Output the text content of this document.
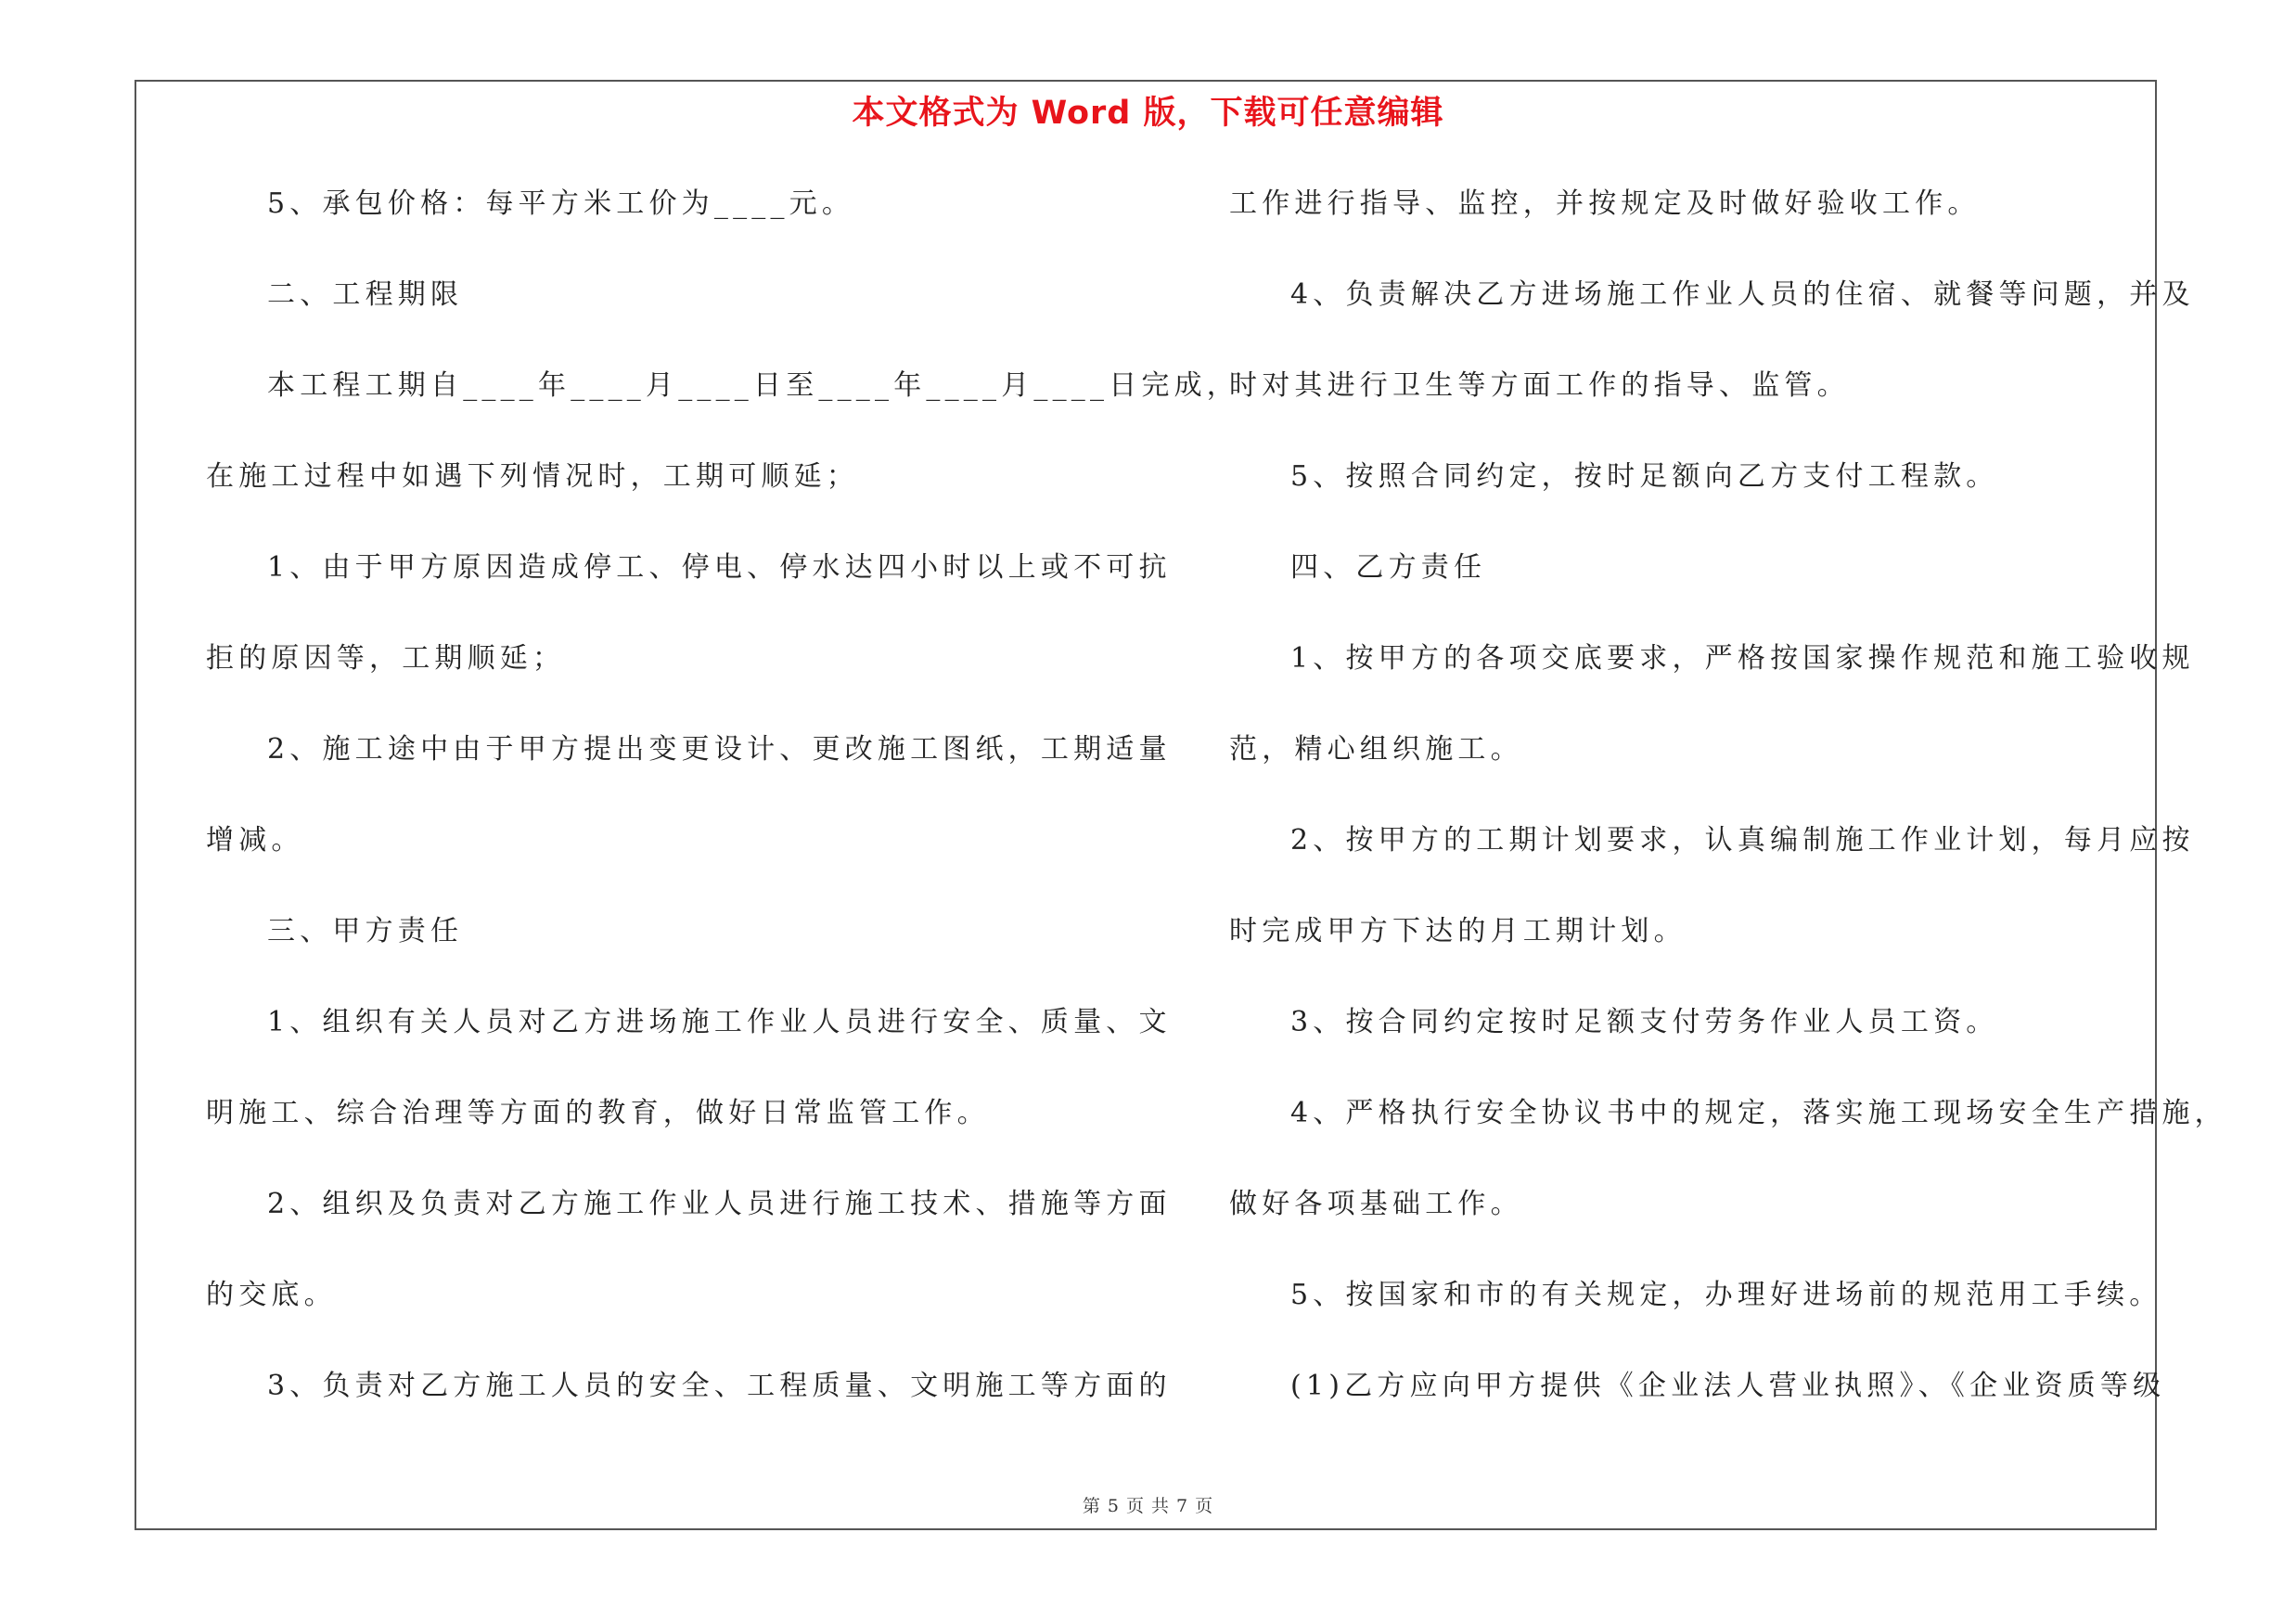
本文格式为 Word 版，下载可任意编辑
5、承包价格：每平方米工价为____元。
二、工程期限
本工程工期自____年____月____日至____年____月____日完成，
在施工过程中如遇下列情况时，工期可顺延；
1、由于甲方原因造成停工、停电、停水达四小时以上或不可抗
拒的原因等，工期顺延；
2、施工途中由于甲方提出变更设计、更改施工图纸，工期适量
增减。
三、甲方责任
1、组织有关人员对乙方进场施工作业人员进行安全、质量、文
明施工、综合治理等方面的教育，做好日常监管工作。
2、组织及负责对乙方施工作业人员进行施工技术、措施等方面
的交底。
3、负责对乙方施工人员的安全、工程质量、文明施工等方面的
工作进行指导、监控，并按规定及时做好验收工作。
4、负责解决乙方进场施工作业人员的住宿、就餐等问题，并及
时对其进行卫生等方面工作的指导、监管。
5、按照合同约定，按时足额向乙方支付工程款。
四、乙方责任
1、按甲方的各项交底要求，严格按国家操作规范和施工验收规
范，精心组织施工。
2、按甲方的工期计划要求，认真编制施工作业计划，每月应按
时完成甲方下达的月工期计划。
3、按合同约定按时足额支付劳务作业人员工资。
4、严格执行安全协议书中的规定，落实施工现场安全生产措施，
做好各项基础工作。
5、按国家和市的有关规定，办理好进场前的规范用工手续。
(1)乙方应向甲方提供《企业法人营业执照》、《企业资质等级
第 5 页 共 7 页
